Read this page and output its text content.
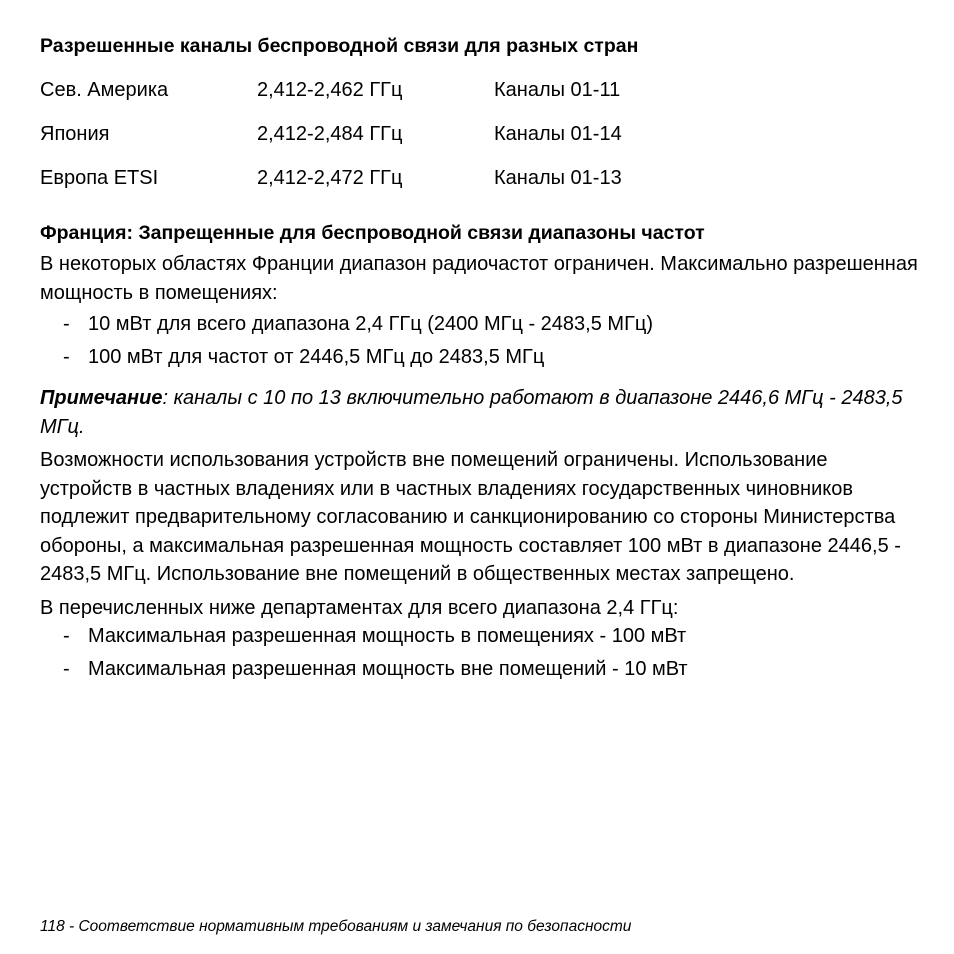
Разрешенные каналы беспроводной связи для разных стран

Сев. Америка	2,412-2,462 ГГц	Каналы 01-11
Япония	2,412-2,484 ГГц	Каналы 01-14
Европа ETSI	2,412-2,472 ГГц	Каналы 01-13

Франция: Запрещенные для беспроводной связи диапазоны частот

В некоторых областях Франции диапазон радиочастот ограничен. Максимально разрешенная мощность в помещениях:

- 10 мВт для всего диапазона 2,4 ГГц (2400 МГц - 2483,5 МГц)
- 100 мВт для частот от 2446,5 МГц до 2483,5 МГц

Примечание: каналы с 10 по 13 включительно работают в диапазоне 2446,6 МГц - 2483,5 МГц.

Возможности использования устройств вне помещений ограничены. Использование устройств в частных владениях или в частных владениях государственных чиновников подлежит предварительному согласованию и санкционированию со стороны Министерства обороны, а максимальная разрешенная мощность составляет 100 мВт в диапазоне 2446,5 - 2483,5 МГц. Использование вне помещений в общественных местах запрещено.

В перечисленных ниже департаментах для всего диапазона 2,4 ГГц:

- Максимальная разрешенная мощность в помещениях - 100 мВт
- Максимальная разрешенная мощность вне помещений - 10 мВт
118 - Соответствие нормативным требованиям и замечания по безопасности
